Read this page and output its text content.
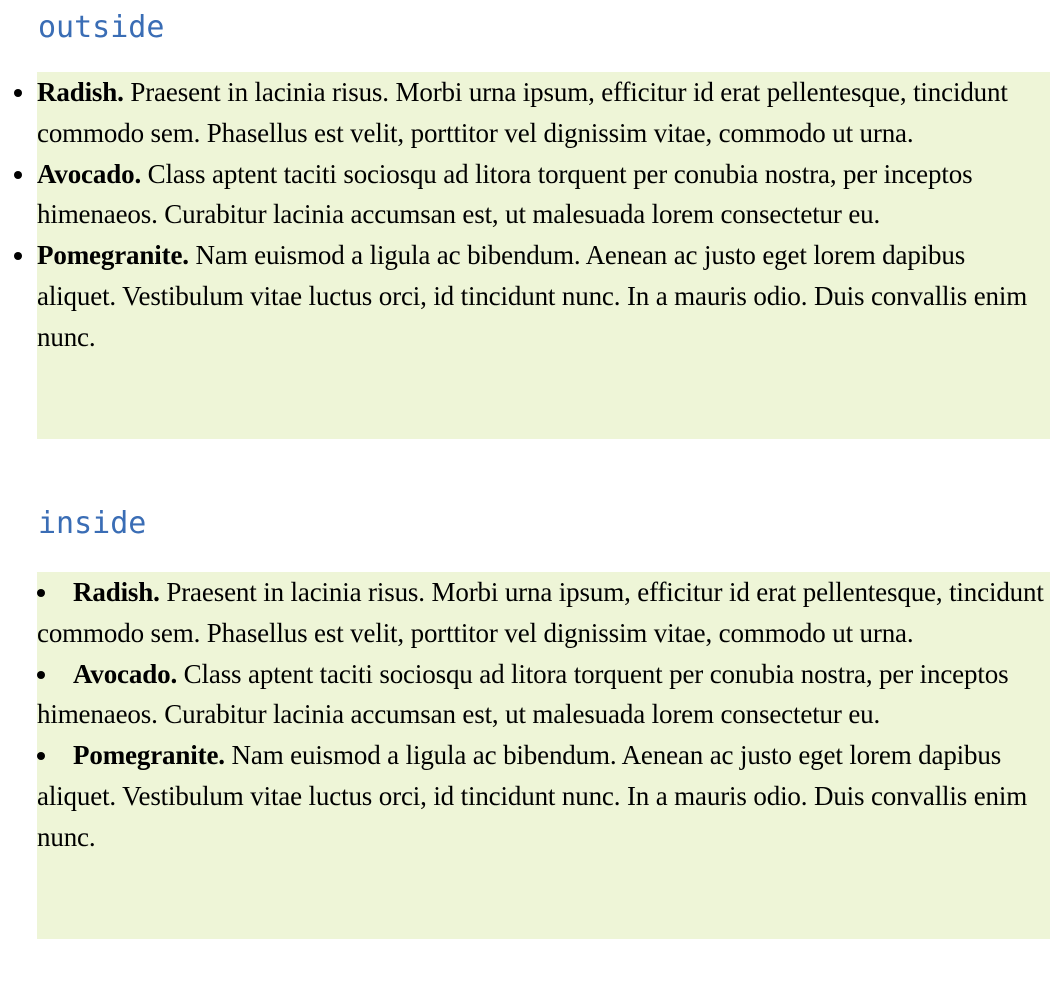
outside
• Radish. Praesent in lacinia risus. Morbi urna ipsum, efficitur id erat pellentesque, tincidunt commodo sem. Phasellus est velit, porttitor vel dignissim vitae, commodo ut urna.
• Avocado. Class aptent taciti sociosqu ad litora torquent per conubia nostra, per inceptos himenaeos. Curabitur lacinia accumsan est, ut malesuada lorem consectetur eu.
• Pomegranite. Nam euismod a ligula ac bibendum. Aenean ac justo eget lorem dapibus aliquet. Vestibulum vitae luctus orci, id tincidunt nunc. In a mauris odio. Duis convallis enim nunc.
inside
• Radish. Praesent in lacinia risus. Morbi urna ipsum, efficitur id erat pellentesque, tincidunt commodo sem. Phasellus est velit, porttitor vel dignissim vitae, commodo ut urna.
• Avocado. Class aptent taciti sociosqu ad litora torquent per conubia nostra, per inceptos himenaeos. Curabitur lacinia accumsan est, ut malesuada lorem consectetur eu.
• Pomegranite. Nam euismod a ligula ac bibendum. Aenean ac justo eget lorem dapibus aliquet. Vestibulum vitae luctus orci, id tincidunt nunc. In a mauris odio. Duis convallis enim nunc.
